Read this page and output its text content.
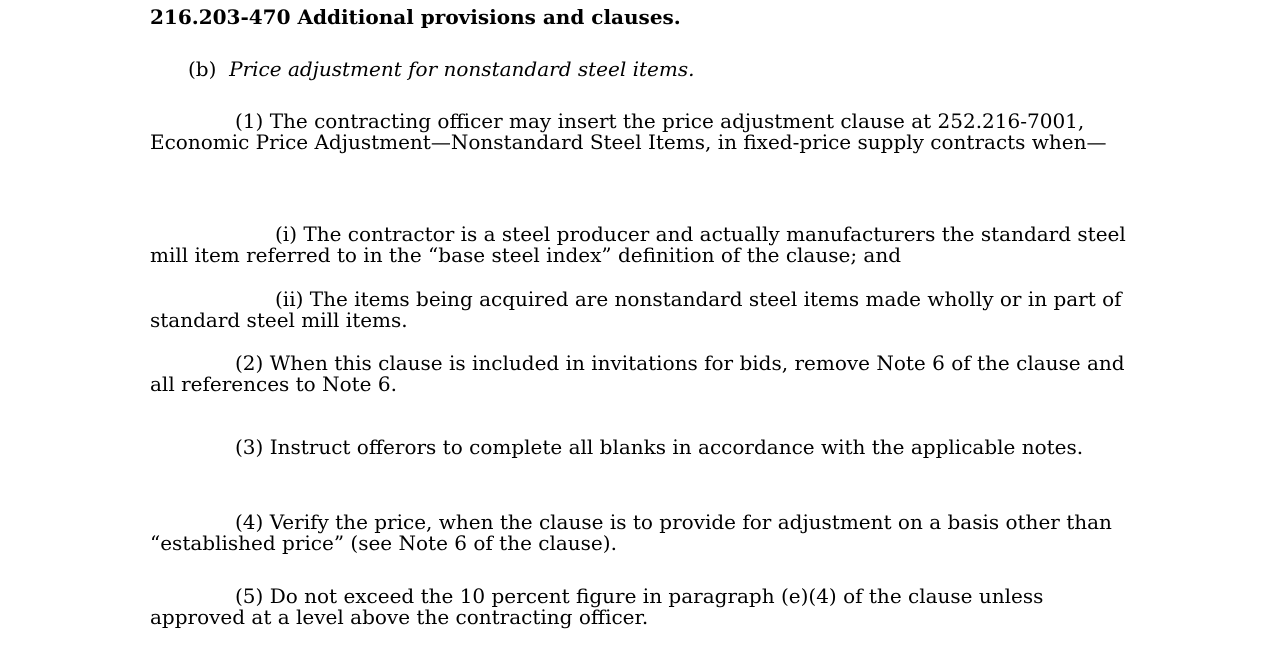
216.203-470 Additional provisions and clauses.

(b) Price adjustment for nonstandard steel items.

(1) The contracting officer may insert the price adjustment clause at 252.216-7001, Economic Price Adjustment—Nonstandard Steel Items, in fixed-price supply contracts when—

(i) The contractor is a steel producer and actually manufacturers the standard steel mill item referred to in the “base steel index” definition of the clause; and

(ii) The items being acquired are nonstandard steel items made wholly or in part of standard steel mill items.

(2) When this clause is included in invitations for bids, remove Note 6 of the clause and all references to Note 6.

(3) Instruct offerors to complete all blanks in accordance with the applicable notes.

(4) Verify the price, when the clause is to provide for adjustment on a basis other than “established price” (see Note 6 of the clause).

(5) Do not exceed the 10 percent figure in paragraph (e)(4) of the clause unless approved at a level above the contracting officer.
